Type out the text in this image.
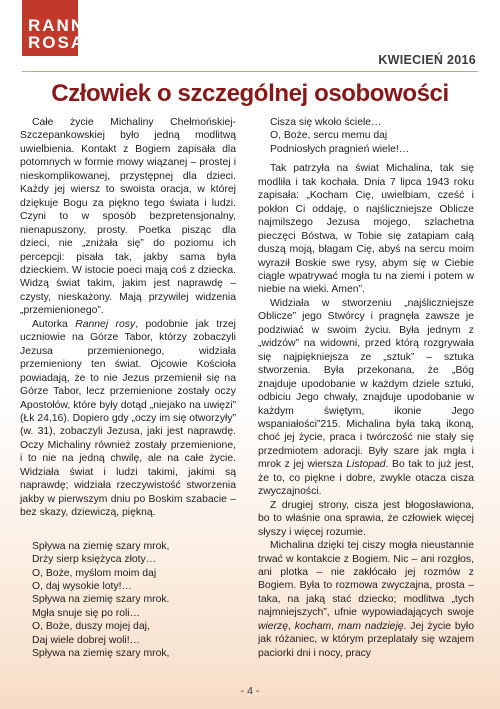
RANNA
ROSA
KWIECIEŃ 2016
Człowiek o szczególnej osobowości

Całe życie Michaliny Chełmońskiej-Szczepankowskiej było jedną modlitwą uwielbienia. Kontakt z Bogiem zapisała dla potomnych w formie mowy wiązanej – prostej i nieskomplikowanej, przystępnej dla dzieci. Każdy jej wiersz to swoista oracja, w której dziękuje Bogu za piękno tego świata i ludzi. Czyni to w sposób bezpretensjonalny, nienapuszony, prosty. Poetka pisząc dla dzieci, nie „zniżała się” do poziomu ich percepcji: pisała tak, jakby sama była dzieckiem. W istocie poeci mają coś z dziecka. Widzą świat takim, jakim jest naprawdę – czysty, nieskażony. Mają przywilej widzenia „przemienionego”.

Autorka Rannej rosy, podobnie jak trzej uczniowie na Górze Tabor, którzy zobaczyli Jezusa przemienionego, widziała przemieniony ten świat. Ojcowie Kościoła powiadają, że to nie Jezus przemienił się na Górze Tabor, lecz przemienione zostały oczy Apostołów, które były dotąd „niejako na uwięzi” (Łk 24,16). Dopiero gdy „oczy im się otworzyły” (w. 31), zobaczyli Jezusa, jaki jest naprawdę. Oczy Michaliny również zostały przemienione, i to nie na jedną chwilę, ale na całe życie. Widziała świat i ludzi takimi, jakimi są naprawdę; widziała rzeczywistość stworzenia jakby w pierwszym dniu po Boskim szabacie – bez skazy, dziewiczą, piękną.

Spływa na ziemię szary mrok,
Drży sierp księżyca złoty…
O, Boże, myślom moim daj
O, daj wysokie loty!…
Spływa na ziemię szary mrok.
Mgła snuje się po roli…
O, Boże, duszy mojej daj,
Daj wiele dobrej woli!…
Spływa na ziemię szary mrok,
Cisza się wkoło ściele…
O, Boże, sercu memu daj
Podniosłych pragnień wiele!…

Tak patrzyła na świat Michalina, tak się modliła i tak kochała. Dnia 7 lipca 1943 roku zapisała: „Kocham Cię, uwielbiam, cześć i pokłon Ci oddaję, o najśliczniejsze Oblicze najmilszego Jezusa mojego, szlachetna pieczęci Bóstwa, w Tobie się zatapiam całą duszą moją, błagam Cię, abyś na sercu moim wyraził Boskie swe rysy, abym się w Ciebie ciągle wpatrywać mogła tu na ziemi i potem w niebie na wieki. Amen”.

Widziała w stworzeniu „najśliczniejsze Oblicze” jego Stwórcy i pragnęła zawsze je podziwiać w swoim życiu. Była jednym z „widzów” na widowni, przed którą rozgrywała się najpiękniejsza ze „sztuk” – sztuka stworzenia. Była przekonana, że „Bóg znajduje upodobanie w każdym dziele sztuki, odbiciu Jego chwały, znajduje upodobanie w każdym świętym, ikonie Jego wspaniałości”215. Michalina była taką ikoną, choć jej życie, praca i twórczość nie stały się przedmiotem adoracji. Były szare jak mgła i mrok z jej wiersza Listopad. Bo tak to już jest, że to, co piękne i dobre, zwykle otacza cisza zwyczajności.

Z drugiej strony, cisza jest błogosławiona, bo to właśnie ona sprawia, że człowiek więcej słyszy i więcej rozumie.

Michalina dzięki tej ciszy mogła nieustannie trwać w kontakcie z Bogiem. Nic – ani rozgłos, ani plotka – nie zakłócało jej rozmów z Bogiem. Była to rozmowa zwyczajna, prosta – taka, na jaką stać dziecko; modlitwa „tych najmniejszych”, ufnie wypowiadających swoje wierzę, kocham, mam nadzieję. Jej życie było jak różaniec, w którym przeplatały się wzajem paciorki dni i nocy, pracy

- 4 -
